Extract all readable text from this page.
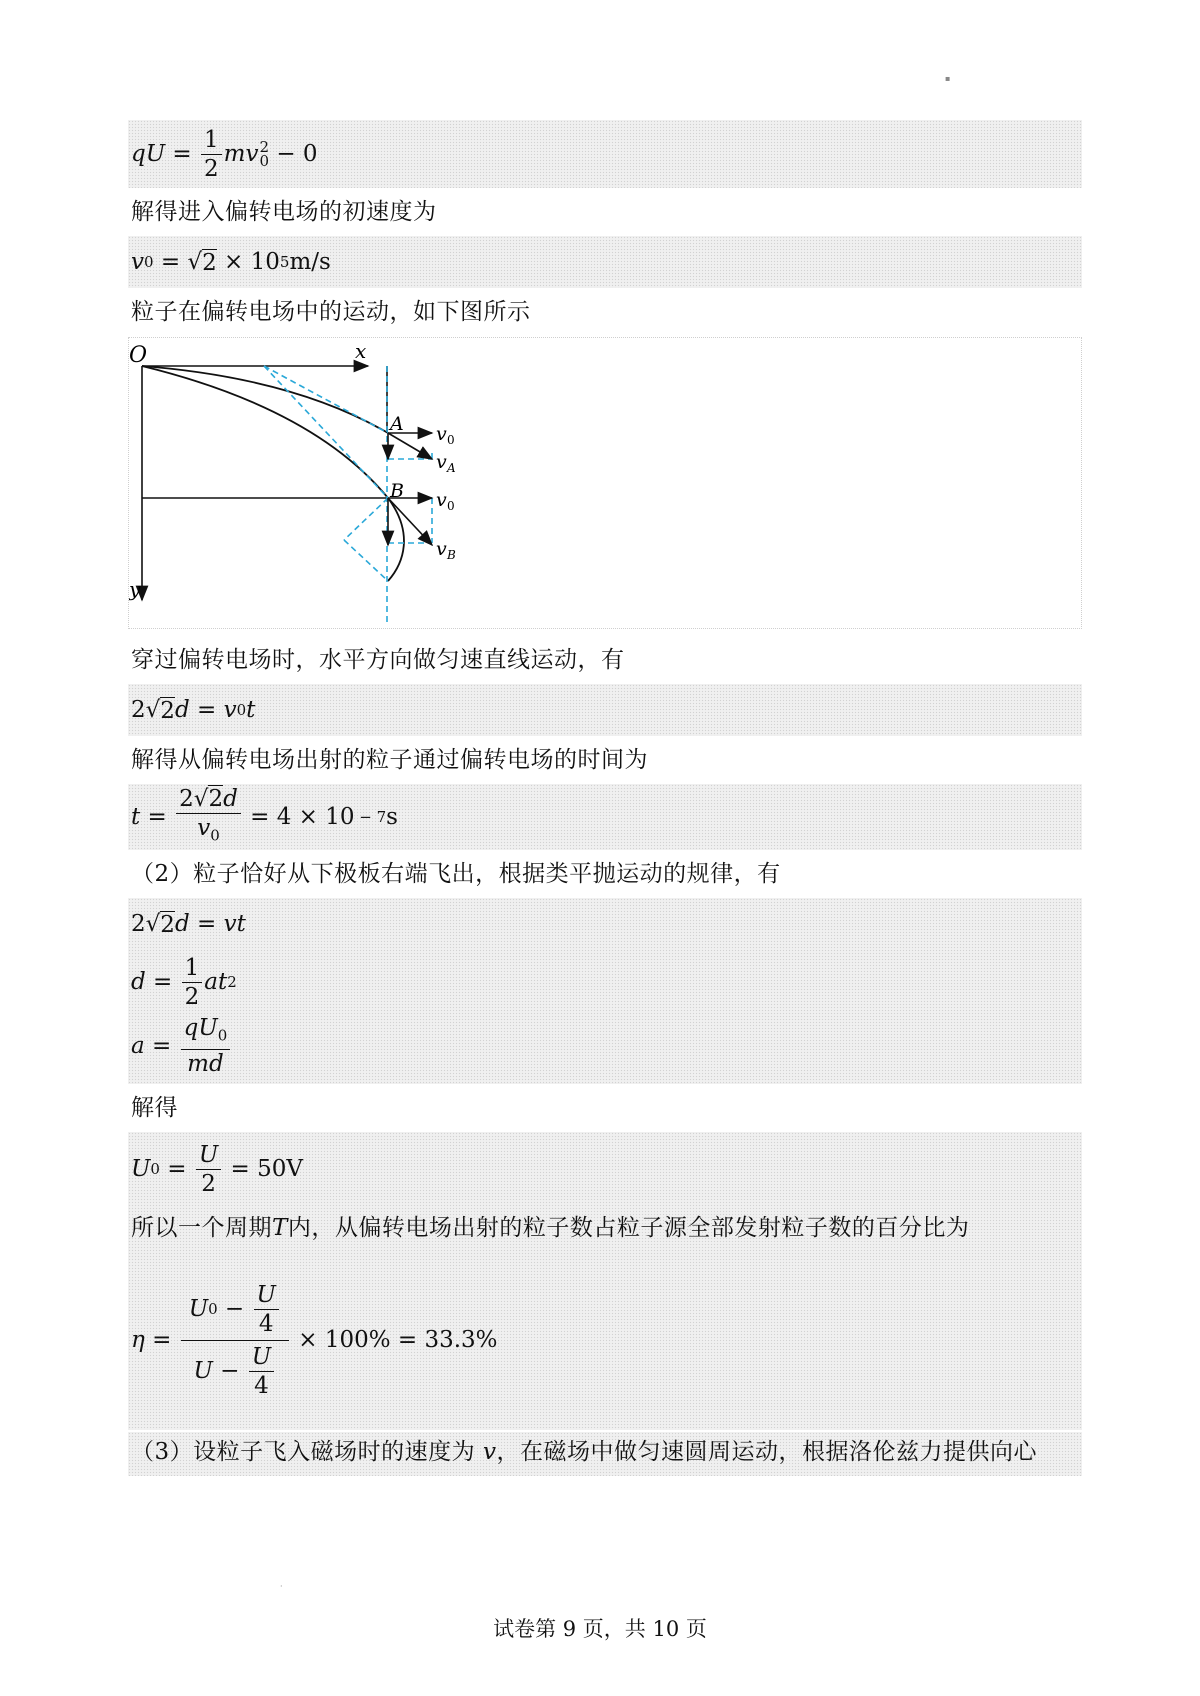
▪
qU = $\frac{1}{2}$ mv 2
0 − 0
解得进入偏转电场的初速度为
v 0 = √ 2 × 10 5 m/s
粒子在偏转电场中的运动，如下图所示
O	x
y
A
B
v 0
v A
v 0
v B
穿过偏转电场时，水平方向做匀速直线运动，有
2√ 2 d = v 0 t
解得从偏转电场出射的粒子通过偏转电场的时间为
$t = \frac{2√2d}{v_0} = 4 \times 10 - 7$ s
（2）粒子恰好从下极板右端飞出，根据类平抛运动的规律，有
2√ 2 d = vt
$d = \frac{1}{2}$ at 2
$a = \frac{qU_0}{md}$
解得
U $0 = \frac{U}{2} = 50V$
所以一个周期 T 内，从偏转电场出射的粒子数占粒子源全部发射粒子数的百分比为
$\eta = \frac{U 0 - \frac{U}{4}}{U - \frac{U}{4}} \times 100\% = 33.3\%$
（3）设粒子飞入磁场时的速度为 v，在磁场中做匀速圆周运动，根据洛伦兹力提供向心
·
试卷第 9 页，共 10 页
